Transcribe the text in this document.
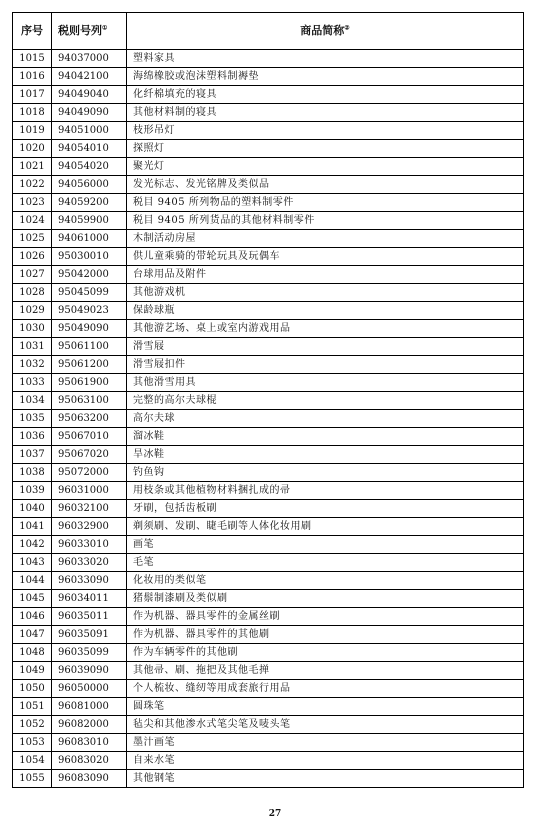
序号	税则号列①	商品简称②
1015	94037000	塑料家具
1016	94042100	海绵橡胶或泡沫塑料制褥垫
1017	94049040	化纤棉填充的寝具
1018	94049090	其他材料制的寝具
1019	94051000	枝形吊灯
1020	94054010	探照灯
1021	94054020	聚光灯
1022	94056000	发光标志、发光铭牌及类似品
1023	94059200	税目 9405 所列物品的塑料制零件
1024	94059900	税目 9405 所列货品的其他材料制零件
1025	94061000	木制活动房屋
1026	95030010	供儿童乘骑的带轮玩具及玩偶车
1027	95042000	台球用品及附件
1028	95045099	其他游戏机
1029	95049023	保龄球瓶
1030	95049090	其他游艺场、桌上或室内游戏用品
1031	95061100	滑雪屐
1032	95061200	滑雪屐扣件
1033	95061900	其他滑雪用具
1034	95063100	完整的高尔夫球棍
1035	95063200	高尔夫球
1036	95067010	溜冰鞋
1037	95067020	旱冰鞋
1038	95072000	钓鱼钩
1039	96031000	用枝条或其他植物材料捆扎成的帚
1040	96032100	牙刷，包括齿板刷
1041	96032900	剃须刷、发刷、睫毛刷等人体化妆用刷
1042	96033010	画笔
1043	96033020	毛笔
1044	96033090	化妆用的类似笔
1045	96034011	猪鬃制漆刷及类似刷
1046	96035011	作为机器、器具零件的金属丝刷
1047	96035091	作为机器、器具零件的其他刷
1048	96035099	作为车辆零件的其他刷
1049	96039090	其他帚、刷、拖把及其他毛掸
1050	96050000	个人梳妆、缝纫等用成套旅行用品
1051	96081000	圆珠笔
1052	96082000	毡尖和其他渗水式笔尖笔及唛头笔
1053	96083010	墨汁画笔
1054	96083020	自来水笔
1055	96083090	其他钢笔
27
